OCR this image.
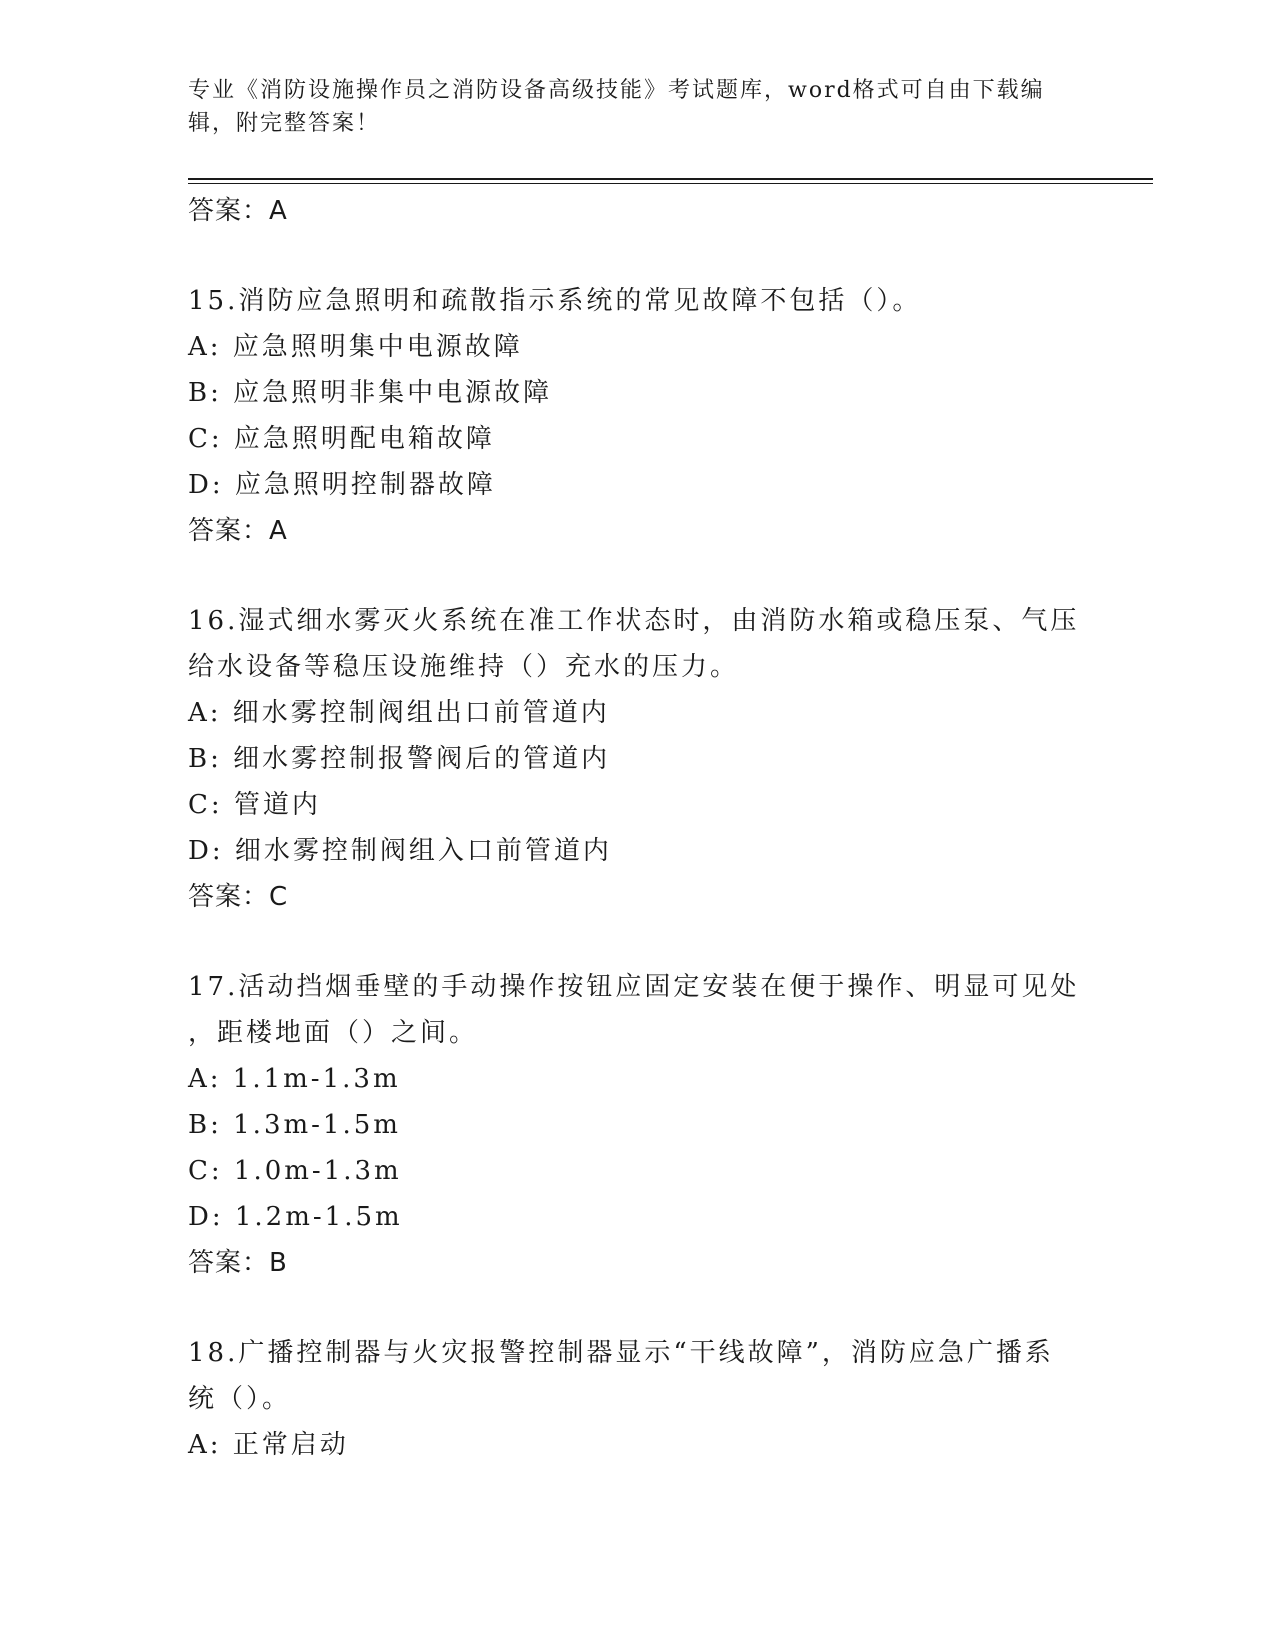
专业《消防设施操作员之消防设备高级技能》考试题库，word格式可自由下载编
辑，附完整答案！
答案：A
15.消防应急照明和疏散指示系统的常见故障不包括（）。
A: 应急照明集中电源故障
B: 应急照明非集中电源故障
C: 应急照明配电箱故障
D: 应急照明控制器故障
答案：A
16.湿式细水雾灭火系统在准工作状态时，由消防水箱或稳压泵、气压
给水设备等稳压设施维持（）充水的压力。
A: 细水雾控制阀组出口前管道内
B: 细水雾控制报警阀后的管道内
C: 管道内
D: 细水雾控制阀组入口前管道内
答案：C
17.活动挡烟垂壁的手动操作按钮应固定安装在便于操作、明显可见处
，距楼地面（）之间。
A: 1.1m-1.3m
B: 1.3m-1.5m
C: 1.0m-1.3m
D: 1.2m-1.5m
答案：B
18.广播控制器与火灾报警控制器显示“干线故障”，消防应急广播系
统（）。
A: 正常启动
